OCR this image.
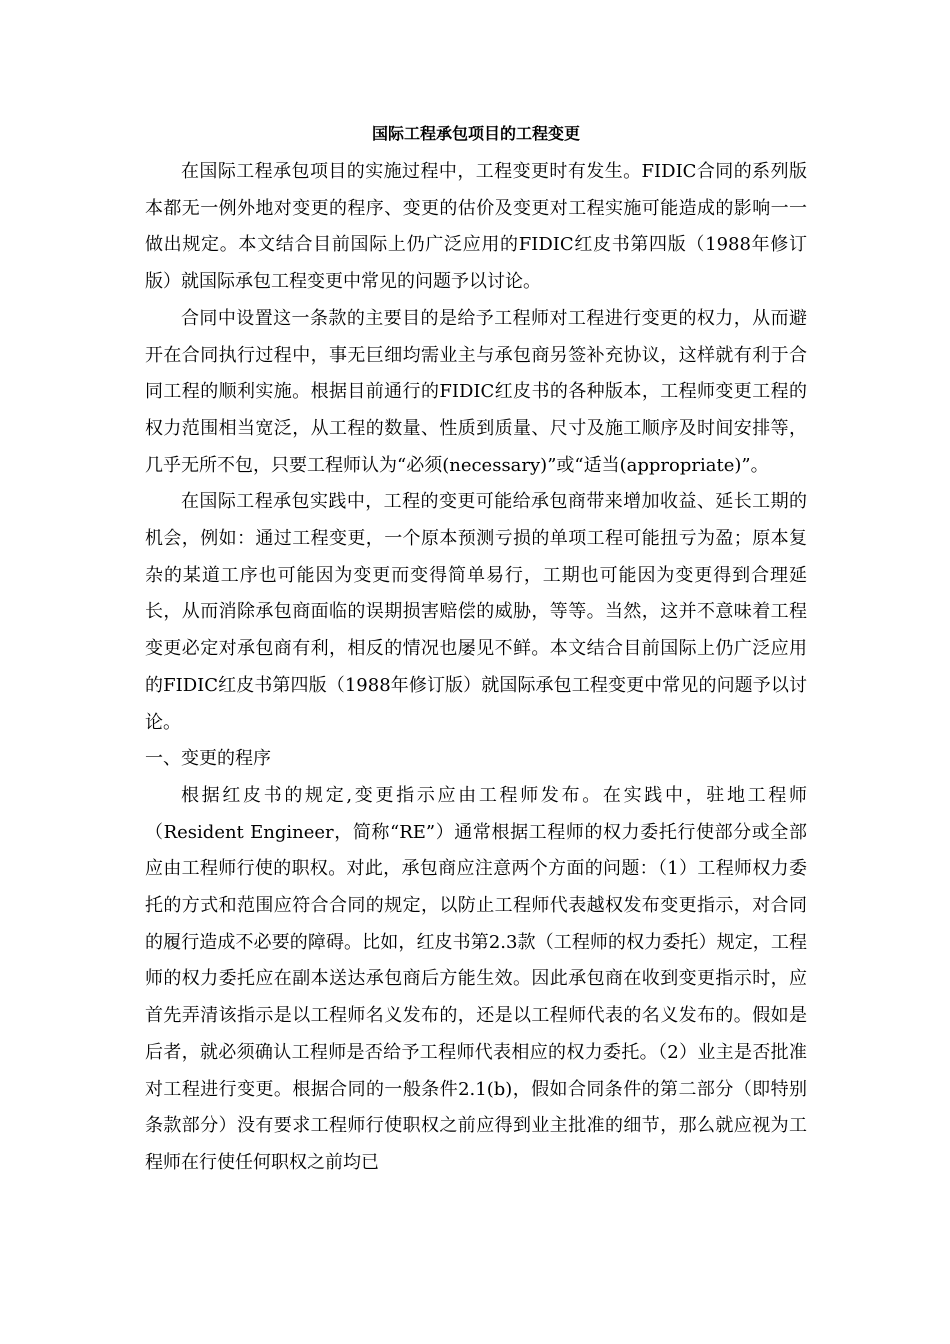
国际工程承包项目的工程变更

在国际工程承包项目的实施过程中，工程变更时有发生。FIDIC合同的系列版本都无一例外地对变更的程序、变更的估价及变更对工程实施可能造成的影响一一做出规定。本文结合目前国际上仍广泛应用的FIDIC红皮书第四版（1988年修订版）就国际承包工程变更中常见的问题予以讨论。

合同中设置这一条款的主要目的是给予工程师对工程进行变更的权力，从而避开在合同执行过程中，事无巨细均需业主与承包商另签补充协议，这样就有利于合同工程的顺利实施。根据目前通行的FIDIC红皮书的各种版本，工程师变更工程的权力范围相当宽泛，从工程的数量、性质到质量、尺寸及施工顺序及时间安排等，几乎无所不包，只要工程师认为“必须(necessary)”或“适当(appropriate)”。

在国际工程承包实践中，工程的变更可能给承包商带来增加收益、延长工期的机会，例如：通过工程变更，一个原本预测亏损的单项工程可能扭亏为盈；原本复杂的某道工序也可能因为变更而变得简单易行，工期也可能因为变更得到合理延长，从而消除承包商面临的误期损害赔偿的威胁，等等。当然，这并不意味着工程变更必定对承包商有利，相反的情况也屡见不鲜。本文结合目前国际上仍广泛应用的FIDIC红皮书第四版（1988年修订版）就国际承包工程变更中常见的问题予以讨论。

一、变更的程序

根据红皮书的规定,变更指示应由工程师发布。在实践中，驻地工程师（Resident Engineer，简称“RE”）通常根据工程师的权力委托行使部分或全部应由工程师行使的职权。对此，承包商应注意两个方面的问题：（1）工程师权力委托的方式和范围应符合合同的规定，以防止工程师代表越权发布变更指示，对合同的履行造成不必要的障碍。比如，红皮书第2.3款（工程师的权力委托）规定，工程师的权力委托应在副本送达承包商后方能生效。因此承包商在收到变更指示时，应首先弄清该指示是以工程师名义发布的，还是以工程师代表的名义发布的。假如是后者，就必须确认工程师是否给予工程师代表相应的权力委托。（2）业主是否批准对工程进行变更。根据合同的一般条件2.1(b)，假如合同条件的第二部分（即特别条款部分）没有要求工程师行使职权之前应得到业主批准的细节，那么就应视为工程师在行使任何职权之前均已
